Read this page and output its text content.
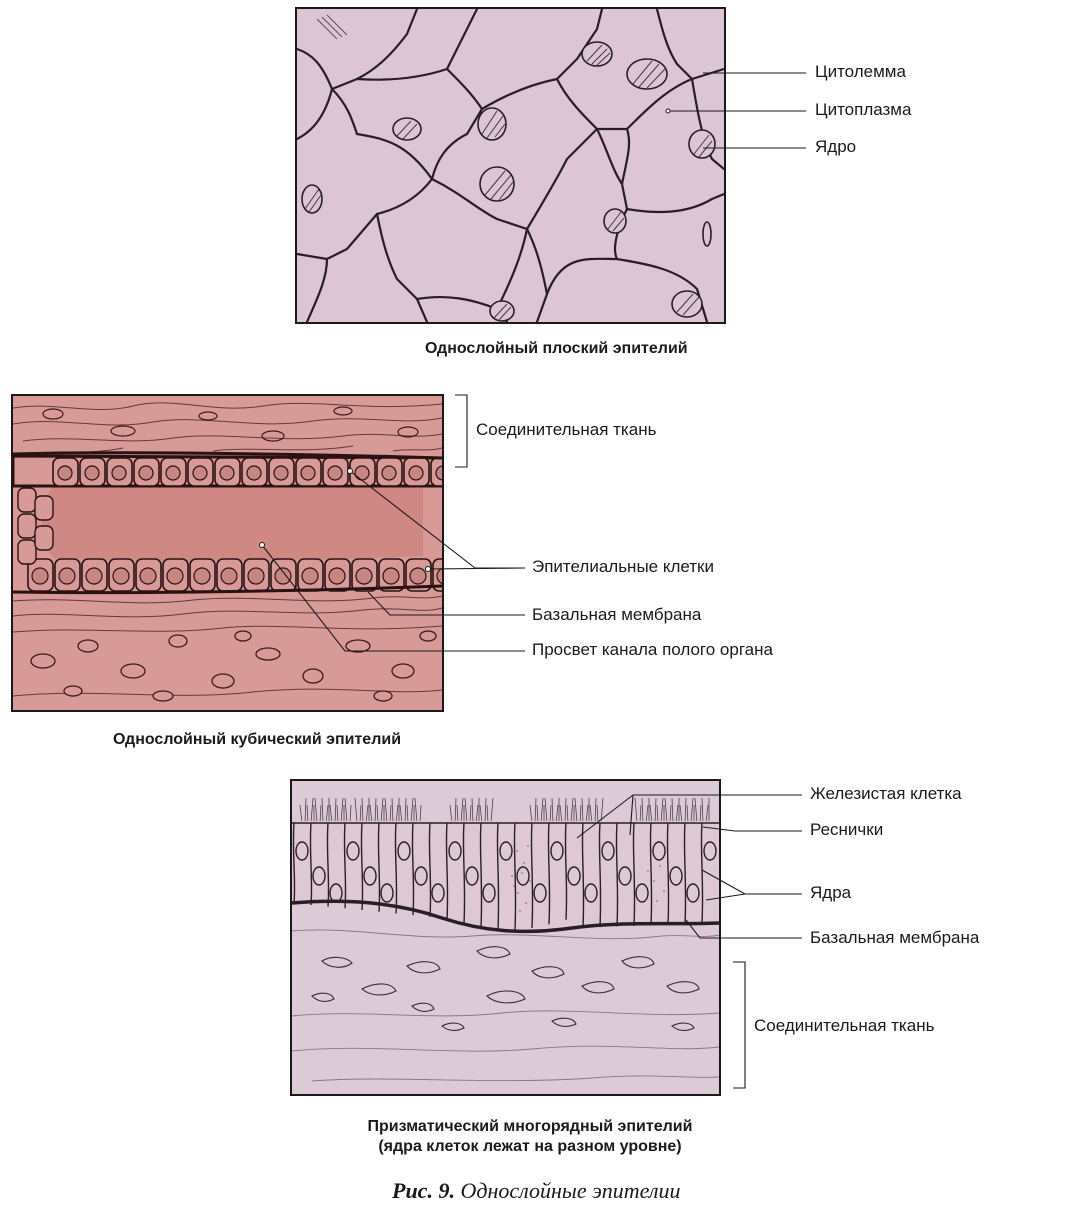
Цитолемма
Цитоплазма
Ядро
Однослойный плоский эпителий
Соединительная ткань
Эпителиальные клетки
Базальная мембрана
Просвет канала полого органа
Однослойный кубический эпителий
Железистая клетка
Реснички
Ядра
Базальная мембрана
Соединительная ткань
Призматический многорядный эпителий
(ядра клеток лежат на разном уровне)
Рис. 9. Однослойные эпителии
